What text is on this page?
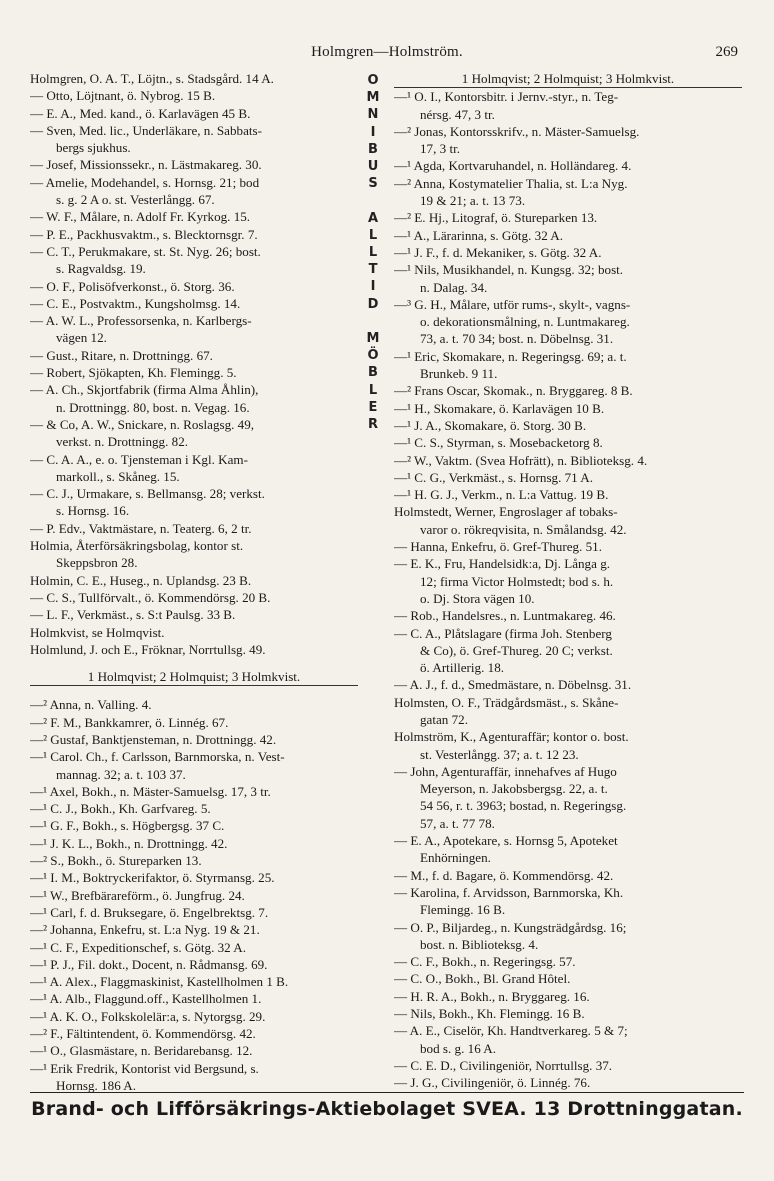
Holmgren—Holmström.	269
Holmgren, O. A. T., Löjtn., s. Stadsgård. 14 A.
— Otto, Löjtnant, ö. Nybrog. 15 B.
— E. A., Med. kand., ö. Karlavägen 45 B.
— Sven, Med. lic., Underläkare, n. Sabbats-
bergs sjukhus.
— Josef, Missionssekr., n. Lästmakareg. 30.
— Amelie, Modehandel, s. Hornsg. 21; bod
s. g. 2 A o. st. Vesterlångg. 67.
— W. F., Målare, n. Adolf Fr. Kyrkog. 15.
— P. E., Packhusvaktm., s. Blecktornsgr. 7.
— C. T., Perukmakare, st. St. Nyg. 26; bost.
s. Ragvaldsg. 19.
— O. F., Polisöfverkonst., ö. Storg. 36.
— C. E., Postvaktm., Kungsholmsg. 14.
— A. W. L., Professorsenka, n. Karlbergs-
vägen 12.
— Gust., Ritare, n. Drottningg. 67.
— Robert, Sjökapten, Kh. Flemingg. 5.
— A. Ch., Skjortfabrik (firma Alma Åhlin),
n. Drottningg. 80, bost. n. Vegag. 16.
— & Co, A. W., Snickare, n. Roslagsg. 49,
verkst. n. Drottningg. 82.
— C. A. A., e. o. Tjensteman i Kgl. Kam-
markoll., s. Skåneg. 15.
— C. J., Urmakare, s. Bellmansg. 28; verkst.
s. Hornsg. 16.
— P. Edv., Vaktmästare, n. Teaterg. 6, 2 tr.
Holmia, Återförsäkringsbolag, kontor st.
Skeppsbron 28.
Holmin, C. E., Huseg., n. Uplandsg. 23 B.
— C. S., Tullförvalt., ö. Kommendörsg. 20 B.
— L. F., Verkmäst., s. S:t Paulsg. 33 B.
Holmkvist, se Holmqvist.
Holmlund, J. och E., Fröknar, Norrtullsg. 49.
1 Holmqvist; 2 Holmquist; 3 Holmkvist.
—² Anna, n. Valling. 4.
—² F. M., Bankkamrer, ö. Linnég. 67.
—² Gustaf, Banktjensteman, n. Drottningg. 42.
—¹ Carol. Ch., f. Carlsson, Barnmorska, n. Vest-
mannag. 32; a. t. 103 37.
—¹ Axel, Bokh., n. Mäster-Samuelsg. 17, 3 tr.
—¹ C. J., Bokh., Kh. Garfvareg. 5.
—¹ G. F., Bokh., s. Högbergsg. 37 C.
—¹ J. K. L., Bokh., n. Drottningg. 42.
—² S., Bokh., ö. Stureparken 13.
—¹ I. M., Boktryckerifaktor, ö. Styrmansg. 25.
—¹ W., Brefbärareförm., ö. Jungfrug. 24.
—¹ Carl, f. d. Bruksegare, ö. Engelbrektsg. 7.
—² Johanna, Enkefru, st. L:a Nyg. 19 & 21.
—¹ C. F., Expeditionschef, s. Götg. 32 A.
—¹ P. J., Fil. dokt., Docent, n. Rådmansg. 69.
—¹ A. Alex., Flaggmaskinist, Kastellholmen 1 B.
—¹ A. Alb., Flaggund.off., Kastellholmen 1.
—¹ A. K. O., Folkskolelär:a, s. Nytorgsg. 29.
—² F., Fältintendent, ö. Kommendörsg. 42.
—¹ O., Glasmästare, n. Beridarebansg. 12.
—¹ Erik Fredrik, Kontorist vid Bergsund, s.
Hornsg. 186 A.
O
M
N
I
B
U
S

A
L
L
T
I
D

M
Ö
B
L
E
R
1 Holmqvist; 2 Holmquist; 3 Holmkvist.
—¹ O. I., Kontorsbitr. i Jernv.-styr., n. Teg-
nérsg. 47, 3 tr.
—² Jonas, Kontorsskrifv., n. Mäster-Samuelsg.
17, 3 tr.
—¹ Agda, Kortvaruhandel, n. Holländareg. 4.
—² Anna, Kostymatelier Thalia, st. L:a Nyg.
19 & 21; a. t. 13 73.
—² E. Hj., Litograf, ö. Stureparken 13.
—¹ A., Lärarinna, s. Götg. 32 A.
—¹ J. F., f. d. Mekaniker, s. Götg. 32 A.
—¹ Nils, Musikhandel, n. Kungsg. 32; bost.
n. Dalag. 34.
—³ G. H., Målare, utför rums-, skylt-, vagns-
o. dekorationsmålning, n. Luntmakareg.
73, a. t. 70 34; bost. n. Döbelnsg. 31.
—¹ Eric, Skomakare, n. Regeringsg. 69; a. t.
Brunkeb. 9 11.
—² Frans Oscar, Skomak., n. Bryggareg. 8 B.
—¹ H., Skomakare, ö. Karlavägen 10 B.
—¹ J. A., Skomakare, ö. Storg. 30 B.
—¹ C. S., Styrman, s. Mosebacketorg 8.
—² W., Vaktm. (Svea Hofrätt), n. Biblioteksg. 4.
—¹ C. G., Verkmäst., s. Hornsg. 71 A.
—¹ H. G. J., Verkm., n. L:a Vattug. 19 B.
Holmstedt, Werner, Engroslager af tobaks-
varor o. rökreqvisita, n. Smålandsg. 42.
— Hanna, Enkefru, ö. Gref-Thureg. 51.
— E. K., Fru, Handelsidk:a, Dj. Långa g.
12; firma Victor Holmstedt; bod s. h.
o. Dj. Stora vägen 10.
— Rob., Handelsres., n. Luntmakareg. 46.
— C. A., Plåtslagare (firma Joh. Stenberg
& Co), ö. Gref-Thureg. 20 C; verkst.
ö. Artillerig. 18.
— A. J., f. d., Smedmästare, n. Döbelnsg. 31.
Holmsten, O. F., Trädgårdsmäst., s. Skåne-
gatan 72.
Holmström, K., Agenturaffär; kontor o. bost.
st. Vesterlångg. 37; a. t. 12 23.
— John, Agenturaffär, innehafves af Hugo
Meyerson, n. Jakobsbergsg. 22, a. t.
54 56, r. t. 3963; bostad, n. Regeringsg.
57, a. t. 77 78.
— E. A., Apotekare, s. Hornsg 5, Apoteket
Enhörningen.
— M., f. d. Bagare, ö. Kommendörsg. 42.
— Karolina, f. Arvidsson, Barnmorska, Kh.
Flemingg. 16 B.
— O. P., Biljardeg., n. Kungsträdgårdsg. 16;
bost. n. Biblioteksg. 4.
— C. F., Bokh., n. Regeringsg. 57.
— C. O., Bokh., Bl. Grand Hôtel.
— H. R. A., Bokh., n. Bryggareg. 16.
— Nils, Bokh., Kh. Flemingg. 16 B.
— A. E., Ciselör, Kh. Handtverkareg. 5 & 7;
bod s. g. 16 A.
— C. E. D., Civilingeniör, Norrtullsg. 37.
— J. G., Civilingeniör, ö. Linnég. 76.
Brand- och Lifförsäkrings-Aktiebolaget SVEA. 13 Drottninggatan.
